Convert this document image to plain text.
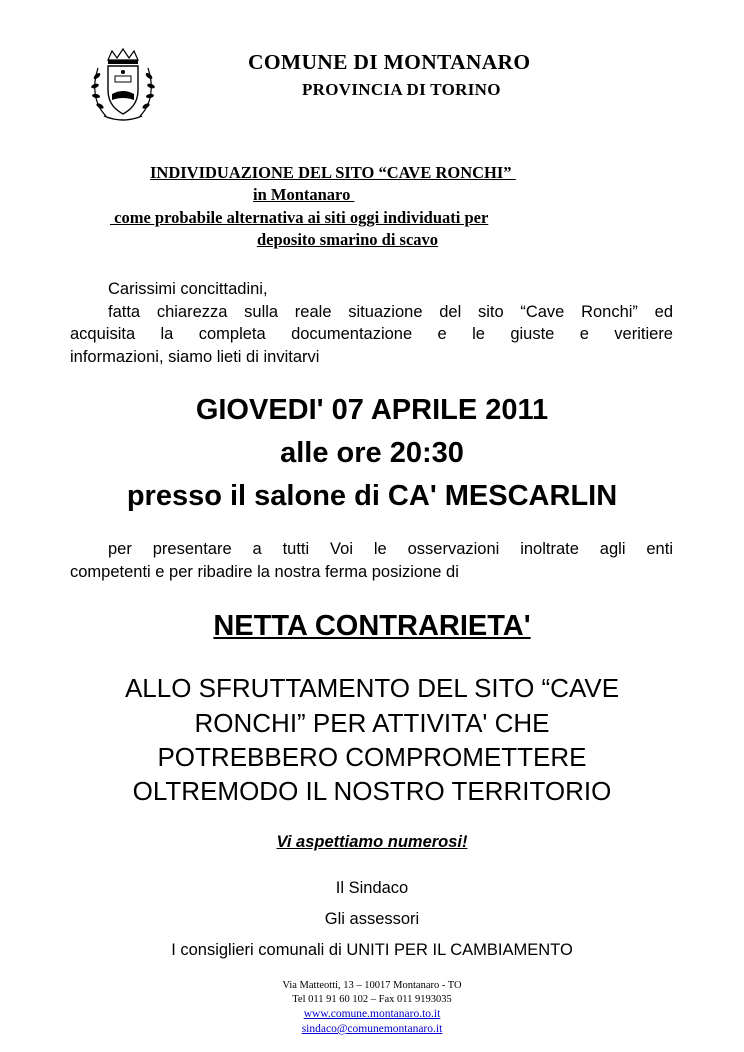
COMUNE DI MONTANARO
PROVINCIA DI TORINO
INDIVIDUAZIONE DEL SITO “CAVE RONCHI”
in Montanaro
come probabile alternativa ai siti oggi individuati per
deposito smarino di scavo
Carissimi concittadini,
fatta chiarezza sulla reale situazione del sito “Cave Ronchi” ed
acquisita la completa documentazione e le giuste e veritiere
informazioni, siamo lieti di invitarvi
GIOVEDI' 07 APRILE 2011
alle ore 20:30
presso il salone di CA' MESCARLIN
per presentare a tutti Voi le osservazioni inoltrate agli enti
competenti e per ribadire la nostra ferma posizione di
NETTA CONTRARIETA'
ALLO SFRUTTAMENTO DEL SITO “CAVE
RONCHI” PER ATTIVITA' CHE
POTREBBERO COMPROMETTERE
OLTREMODO IL NOSTRO TERRITORIO
Vi aspettiamo numerosi!
Il Sindaco
Gli assessori
I consiglieri comunali di UNITI PER IL CAMBIAMENTO
Via Matteotti, 13 – 10017 Montanaro - TO
Tel 011 91 60 102 – Fax 011 9193035
www.comune.montanaro.to.it
sindaco@comunemontanaro.it
